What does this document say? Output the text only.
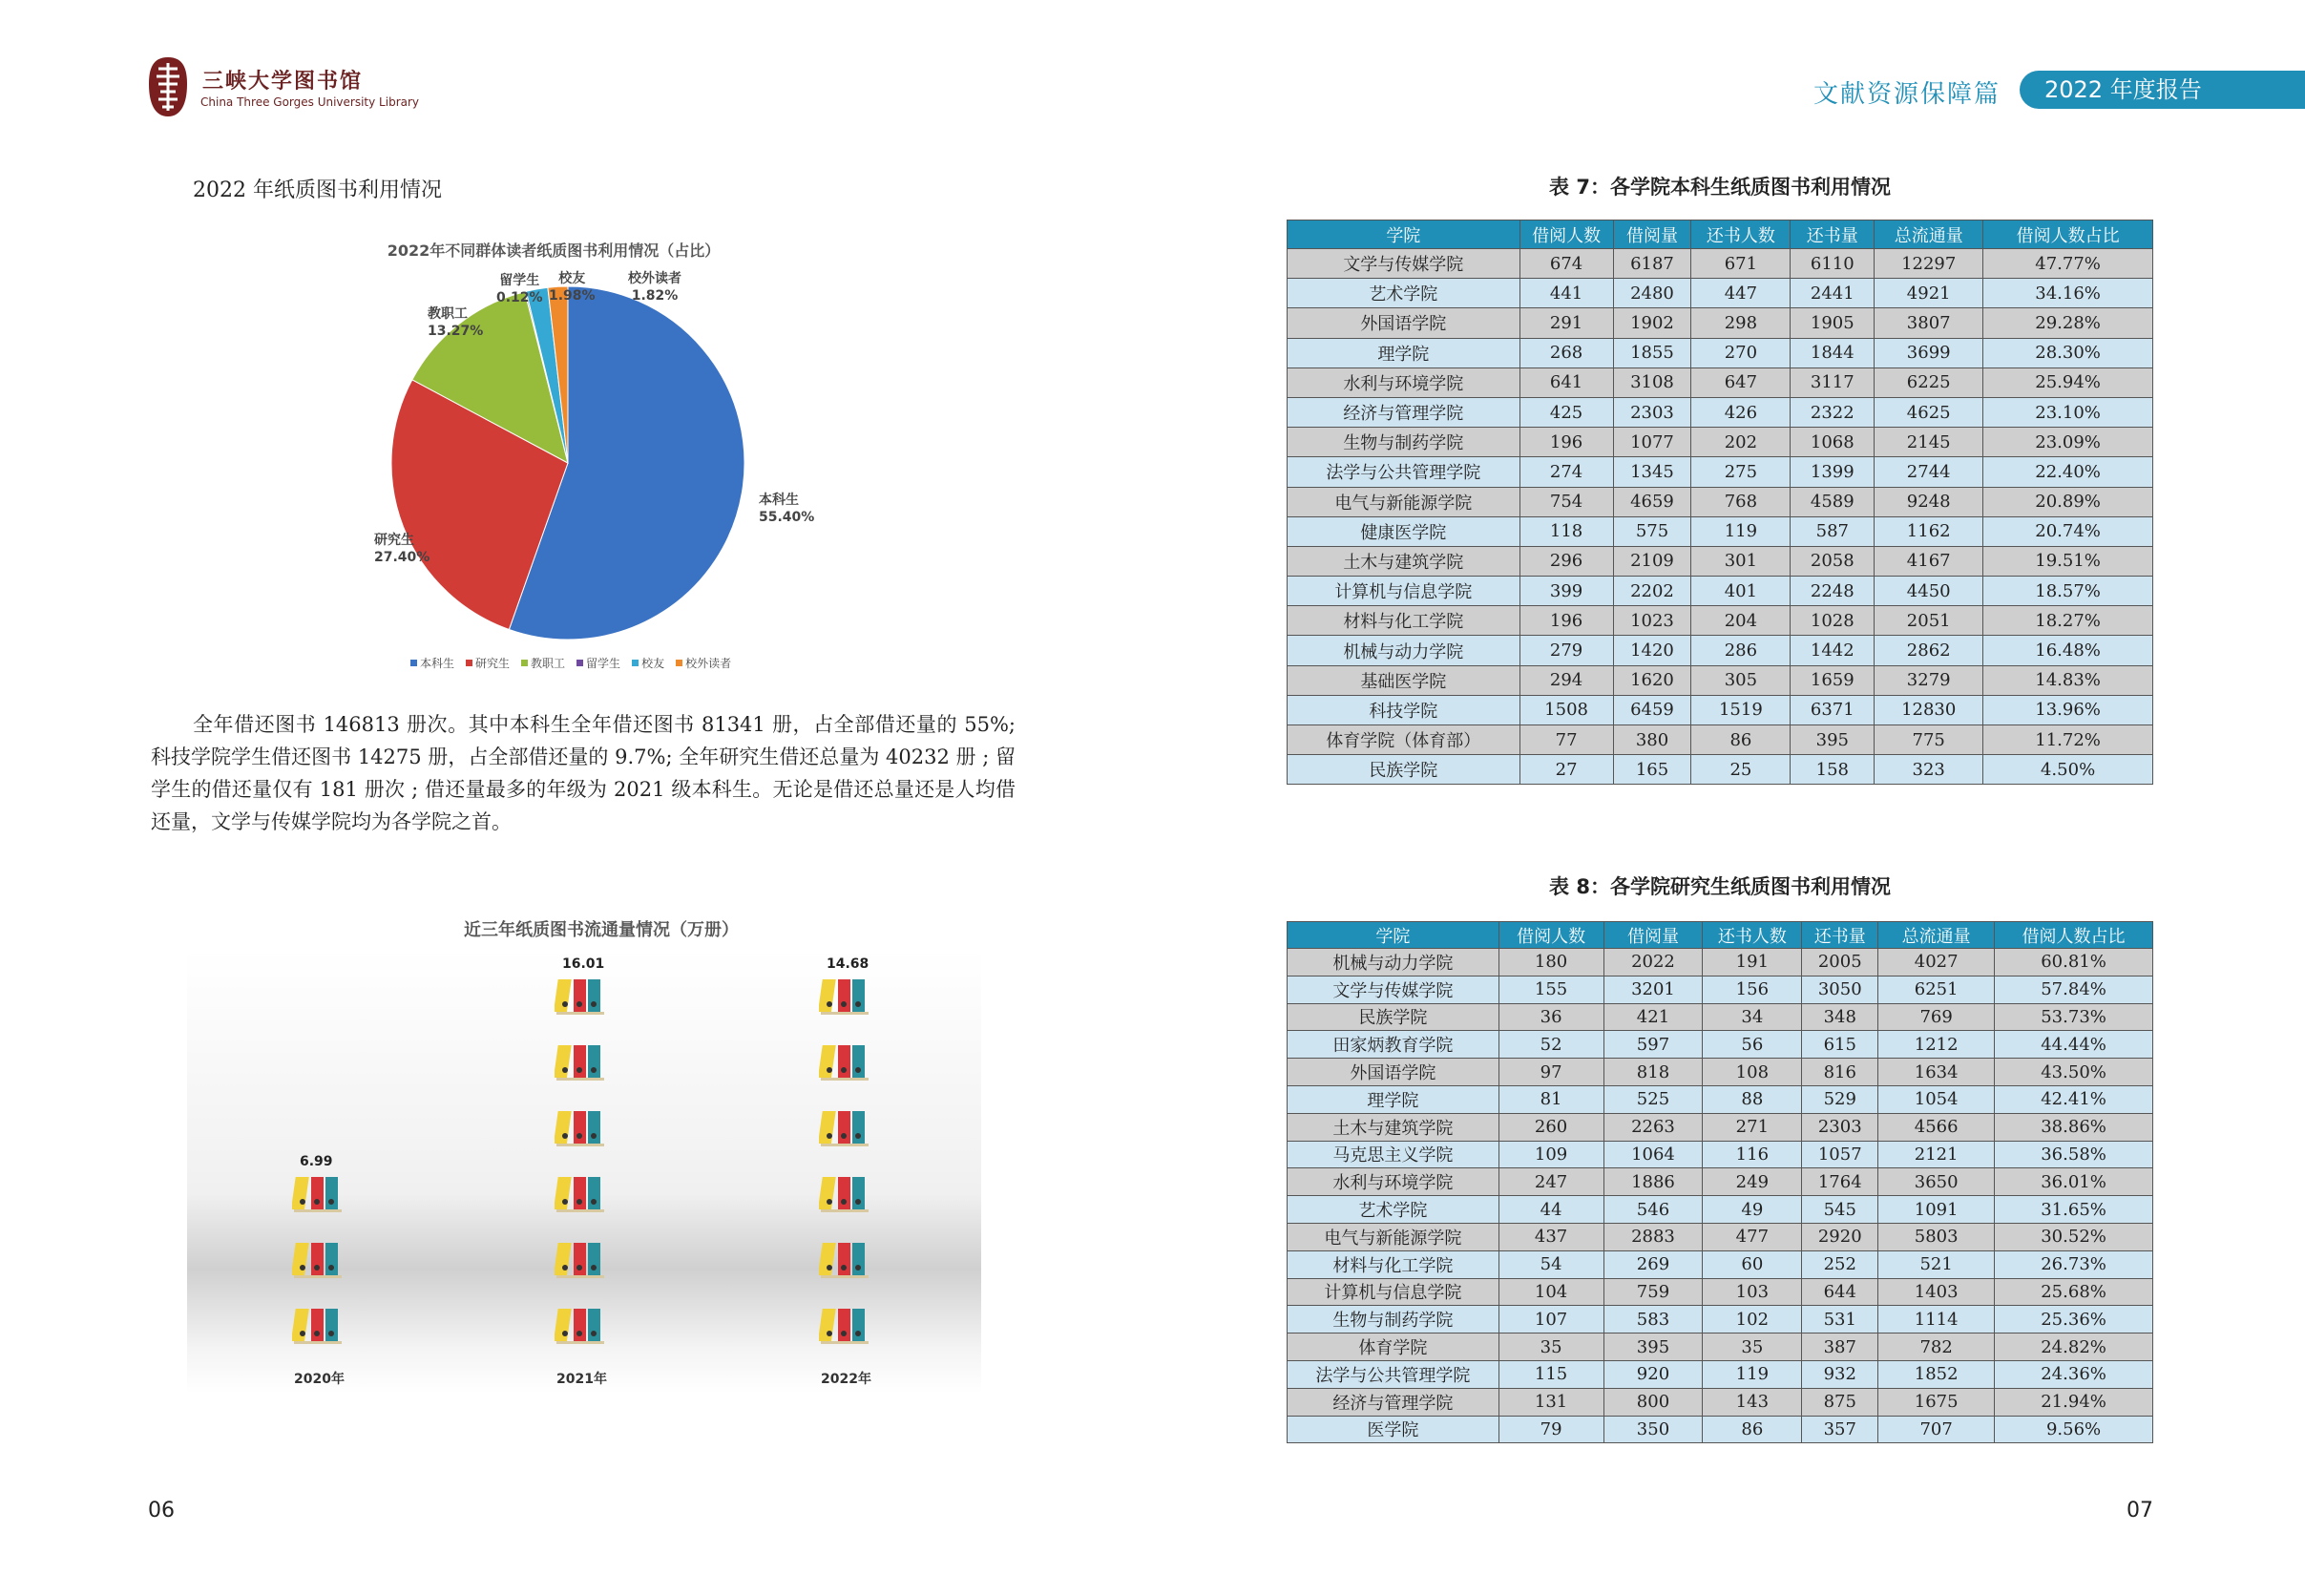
三峡大学图书馆
China Three Gorges University Library	文献资源保障篇	2022 年度报告
2022 年纸质图书利用情况
2022年不同群体读者纸质图书利用情况（占比）
本科生
55.40%
研究生
27.40%
教职工
13.27%
留学生
0.12%
校友
1.98%
校外读者
1.82%
本科生 研究生 教职工 留学生 校友 校外读者

全年借还图书 146813 册次。其中本科生全年借还图书 81341 册，占全部借还量的 55%; 科技学院学生借还图书 14275 册，占全部借还量的 9.7%; 全年研究生借还总量为 40232 册 ; 留学生的借还量仅有 181 册次 ; 借还量最多的年级为 2021 级本科生。无论是借还总量还是人均借还量，文学与传媒学院均为各学院之首。

近三年纸质图书流通量情况（万册）
6.99
2020年
16.01
2021年
14.68
2022年
06	07
表 7：各学院本科生纸质图书利用情况
学院	借阅人数	借阅量	还书人数	还书量	总流通量	借阅人数占比
文学与传媒学院	674	6187	671	6110	12297	47.77%
艺术学院	441	2480	447	2441	4921	34.16%
外国语学院	291	1902	298	1905	3807	29.28%
理学院	268	1855	270	1844	3699	28.30%
水利与环境学院	641	3108	647	3117	6225	25.94%
经济与管理学院	425	2303	426	2322	4625	23.10%
生物与制药学院	196	1077	202	1068	2145	23.09%
法学与公共管理学院	274	1345	275	1399	2744	22.40%
电气与新能源学院	754	4659	768	4589	9248	20.89%
健康医学院	118	575	119	587	1162	20.74%
土木与建筑学院	296	2109	301	2058	4167	19.51%
计算机与信息学院	399	2202	401	2248	4450	18.57%
材料与化工学院	196	1023	204	1028	2051	18.27%
机械与动力学院	279	1420	286	1442	2862	16.48%
基础医学院	294	1620	305	1659	3279	14.83%
科技学院	1508	6459	1519	6371	12830	13.96%
体育学院（体育部）	77	380	86	395	775	11.72%
民族学院	27	165	25	158	323	4.50%
表 8：各学院研究生纸质图书利用情况
学院	借阅人数	借阅量	还书人数	还书量	总流通量	借阅人数占比
机械与动力学院	180	2022	191	2005	4027	60.81%
文学与传媒学院	155	3201	156	3050	6251	57.84%
民族学院	36	421	34	348	769	53.73%
田家炳教育学院	52	597	56	615	1212	44.44%
外国语学院	97	818	108	816	1634	43.50%
理学院	81	525	88	529	1054	42.41%
土木与建筑学院	260	2263	271	2303	4566	38.86%
马克思主义学院	109	1064	116	1057	2121	36.58%
水利与环境学院	247	1886	249	1764	3650	36.01%
艺术学院	44	546	49	545	1091	31.65%
电气与新能源学院	437	2883	477	2920	5803	30.52%
材料与化工学院	54	269	60	252	521	26.73%
计算机与信息学院	104	759	103	644	1403	25.68%
生物与制药学院	107	583	102	531	1114	25.36%
体育学院	35	395	35	387	782	24.82%
法学与公共管理学院	115	920	119	932	1852	24.36%
经济与管理学院	131	800	143	875	1675	21.94%
医学院	79	350	86	357	707	9.56%
